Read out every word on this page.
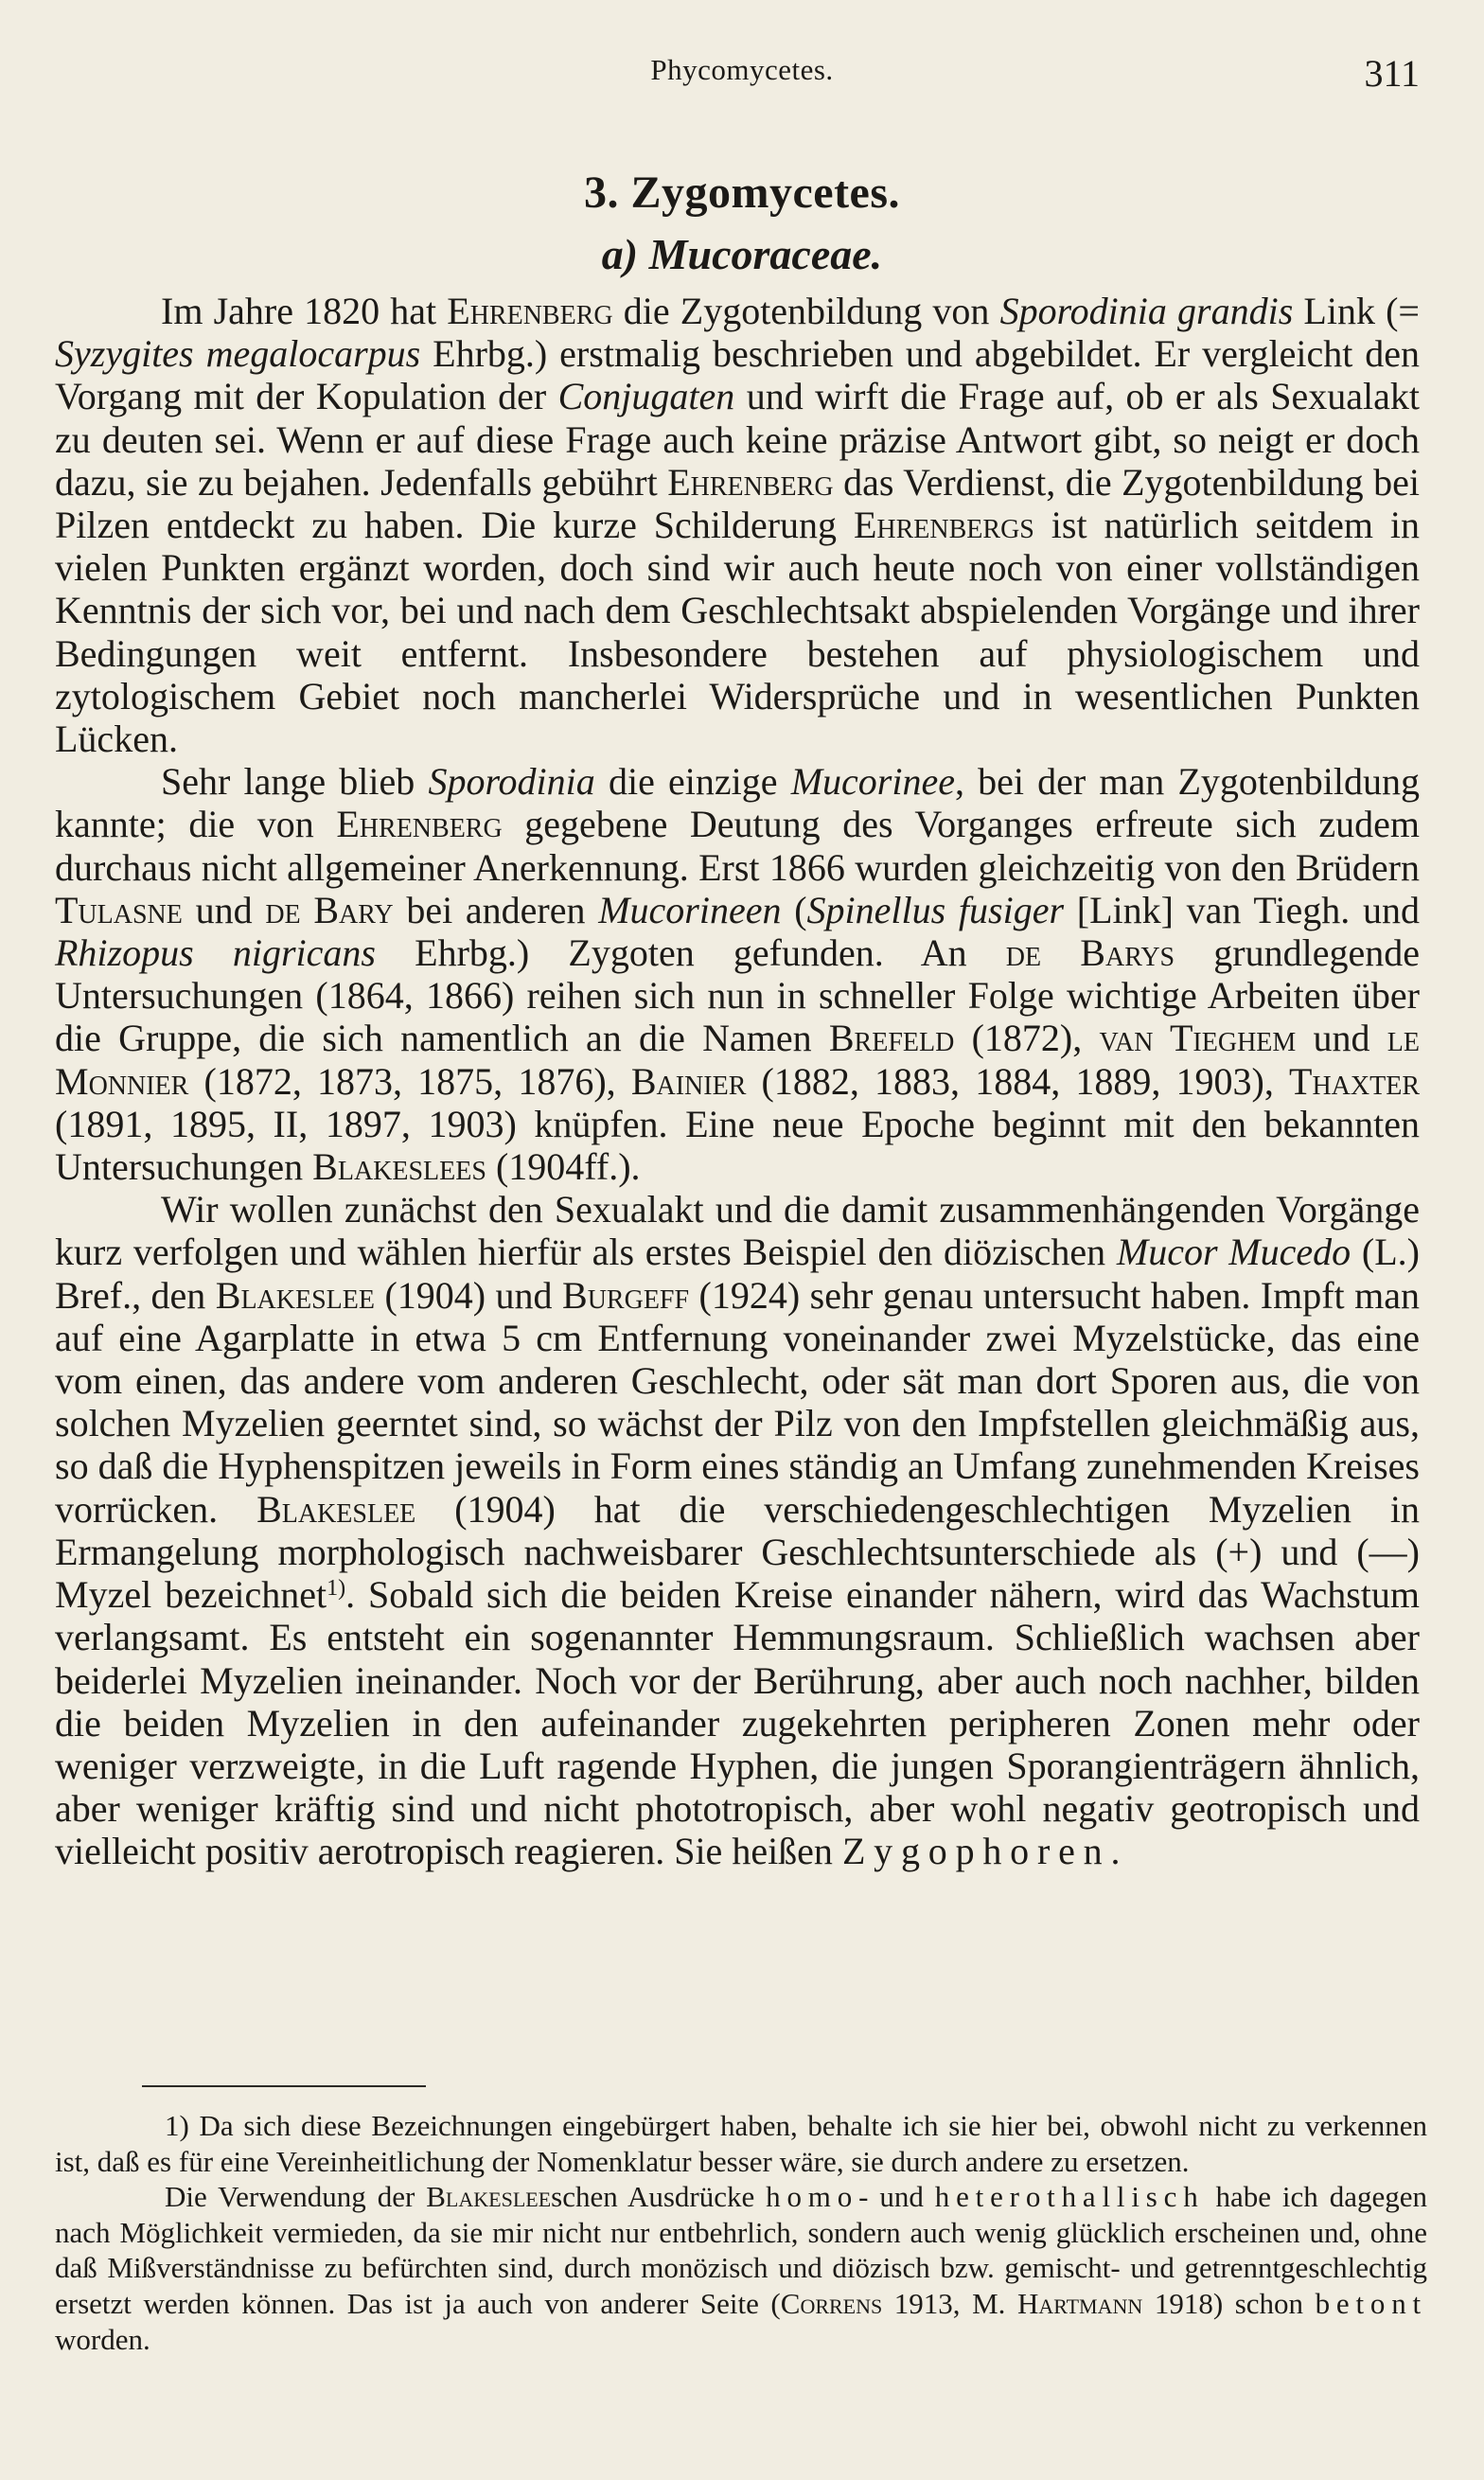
Phycomycetes.	311
3. Zygomycetes.
a) Mucoraceae.

Im Jahre 1820 hat Ehrenberg die Zygotenbildung von Sporodinia grandis Link (= Syzygites megalocarpus Ehrbg.) erstmalig beschrieben und abgebildet. Er vergleicht den Vorgang mit der Kopulation der Conjugaten und wirft die Frage auf, ob er als Sexualakt zu deuten sei. Wenn er auf diese Frage auch keine präzise Antwort gibt, so neigt er doch dazu, sie zu bejahen. Jedenfalls gebührt Ehrenberg das Verdienst, die Zygotenbildung bei Pilzen entdeckt zu haben. Die kurze Schilderung Ehrenbergs ist natürlich seitdem in vielen Punkten ergänzt worden, doch sind wir auch heute noch von einer vollständigen Kenntnis der sich vor, bei und nach dem Geschlechtsakt abspielenden Vorgänge und ihrer Bedingungen weit entfernt. Insbesondere bestehen auf physiologischem und zytologischem Gebiet noch mancherlei Widersprüche und in wesentlichen Punkten Lücken.

Sehr lange blieb Sporodinia die einzige Mucorinee, bei der man Zygotenbildung kannte; die von Ehrenberg gegebene Deutung des Vorganges erfreute sich zudem durchaus nicht allgemeiner Anerkennung. Erst 1866 wurden gleichzeitig von den Brüdern Tulasne und de Bary bei anderen Mucorineen (Spinellus fusiger [Link] van Tiegh. und Rhizopus nigricans Ehrbg.) Zygoten gefunden. An de Barys grundlegende Untersuchungen (1864, 1866) reihen sich nun in schneller Folge wichtige Arbeiten über die Gruppe, die sich namentlich an die Namen Brefeld (1872), van Tieghem und le Monnier (1872, 1873, 1875, 1876), Bainier (1882, 1883, 1884, 1889, 1903), Thaxter (1891, 1895, II, 1897, 1903) knüpfen. Eine neue Epoche beginnt mit den bekannten Untersuchungen Blakeslees (1904ff.).

Wir wollen zunächst den Sexualakt und die damit zusammenhängenden Vorgänge kurz verfolgen und wählen hierfür als erstes Beispiel den diözischen Mucor Mucedo (L.) Bref., den Blakeslee (1904) und Burgeff (1924) sehr genau untersucht haben. Impft man auf eine Agarplatte in etwa 5 cm Entfernung voneinander zwei Myzelstücke, das eine vom einen, das andere vom anderen Geschlecht, oder sät man dort Sporen aus, die von solchen Myzelien geerntet sind, so wächst der Pilz von den Impfstellen gleichmäßig aus, so daß die Hyphenspitzen jeweils in Form eines ständig an Umfang zunehmenden Kreises vorrücken. Blakeslee (1904) hat die verschiedengeschlechtigen Myzelien in Ermangelung morphologisch nachweisbarer Geschlechtsunterschiede als (+) und (—) Myzel bezeichnet$^{1)}$. Sobald sich die beiden Kreise einander nähern, wird das Wachstum verlangsamt. Es entsteht ein sogenannter Hemmungsraum. Schließlich wachsen aber beiderlei Myzelien ineinander. Noch vor der Berührung, aber auch noch nachher, bilden die beiden Myzelien in den aufeinander zugekehrten peripheren Zonen mehr oder weniger verzweigte, in die Luft ragende Hyphen, die jungen Sporangienträgern ähnlich, aber weniger kräftig sind und nicht phototropisch, aber wohl negativ geotropisch und vielleicht positiv aerotropisch reagieren. Sie heißen Zygophoren.

1) Da sich diese Bezeichnungen eingebürgert haben, behalte ich sie hier bei, obwohl nicht zu verkennen ist, daß es für eine Vereinheitlichung der Nomenklatur besser wäre, sie durch andere zu ersetzen.

Die Verwendung der Blakesleeschen Ausdrücke homo- und heterothallisch habe ich dagegen nach Möglichkeit vermieden, da sie mir nicht nur entbehrlich, sondern auch wenig glücklich erscheinen und, ohne daß Mißverständnisse zu befürchten sind, durch monözisch und diözisch bzw. gemischt- und getrenntgeschlechtig ersetzt werden können. Das ist ja auch von anderer Seite (Correns 1913, M. Hartmann 1918) schon betont worden.
